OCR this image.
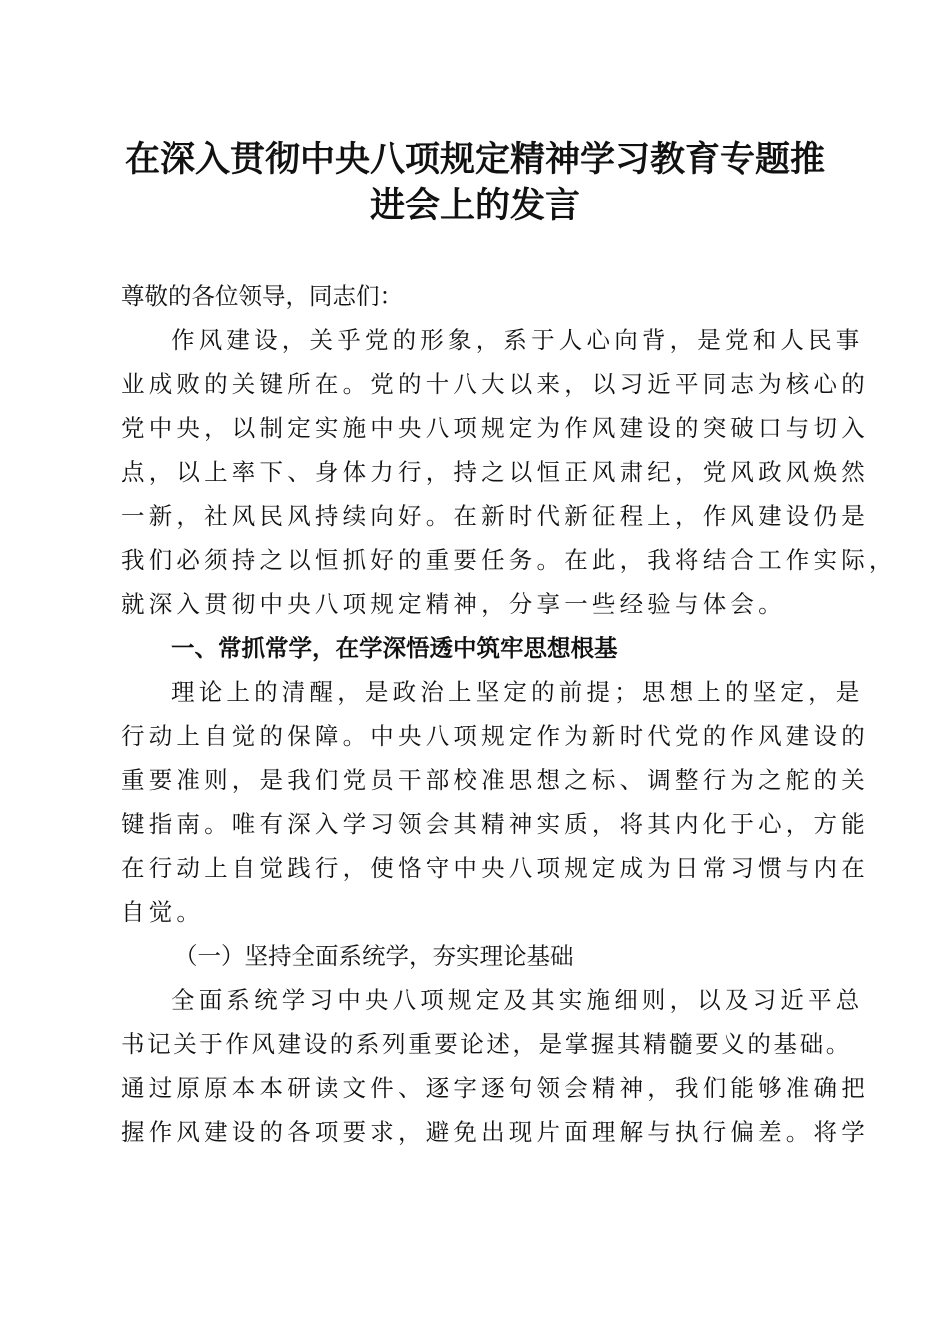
在深入贯彻中央八项规定精神学习教育专题推
进会上的发言

尊敬的各位领导，同志们：

作风建设，关乎党的形象，系于人心向背，是党和人民事

业成败的关键所在。党的十八大以来，以习近平同志为核心的

党中央，以制定实施中央八项规定为作风建设的突破口与切入

点，以上率下、身体力行，持之以恒正风肃纪，党风政风焕然

一新，社风民风持续向好。在新时代新征程上，作风建设仍是

我们必须持之以恒抓好的重要任务。在此，我将结合工作实际，

就深入贯彻中央八项规定精神，分享一些经验与体会。

一、常抓常学，在学深悟透中筑牢思想根基

理论上的清醒，是政治上坚定的前提；思想上的坚定，是

行动上自觉的保障。中央八项规定作为新时代党的作风建设的

重要准则，是我们党员干部校准思想之标、调整行为之舵的关

键指南。唯有深入学习领会其精神实质，将其内化于心，方能

在行动上自觉践行，使恪守中央八项规定成为日常习惯与内在

自觉。

（一）坚持全面系统学，夯实理论基础

全面系统学习中央八项规定及其实施细则，以及习近平总

书记关于作风建设的系列重要论述，是掌握其精髓要义的基础。

通过原原本本研读文件、逐字逐句领会精神，我们能够准确把

握作风建设的各项要求，避免出现片面理解与执行偏差。将学
